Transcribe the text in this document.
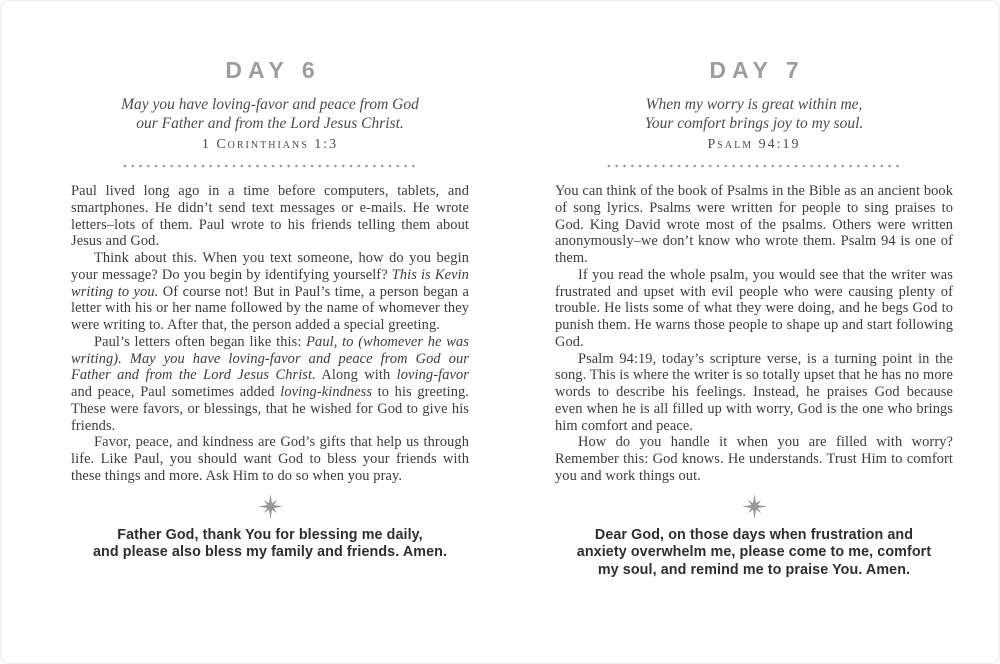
DAY 6
May you have loving-favor and peace from God
our Father and from the Lord Jesus Christ.
1 Corinthians 1:3

Paul lived long ago in a time before computers, tablets, and smartphones. He didn’t send text messages or e-mails. He wrote letters–lots of them. Paul wrote to his friends telling them about Jesus and God.

Think about this. When you text someone, how do you begin your message? Do you begin by identifying yourself? This is Kevin writing to you. Of course not! But in Paul’s time, a person began a letter with his or her name followed by the name of whomever they were writing to. After that, the person added a special greeting.

Paul’s letters often began like this: Paul, to (whomever he was writing). May you have loving-favor and peace from God our Father and from the Lord Jesus Christ. Along with loving-favor and peace, Paul sometimes added loving-kindness to his greeting. These were favors, or blessings, that he wished for God to give his friends.

Favor, peace, and kindness are God’s gifts that help us through life. Like Paul, you should want God to bless your friends with these things and more. Ask Him to do so when you pray.

Father God, thank You for blessing me daily,
and please also bless my family and friends. Amen.
DAY 7
When my worry is great within me,
Your comfort brings joy to my soul.
Psalm 94:19

You can think of the book of Psalms in the Bible as an ancient book of song lyrics. Psalms were written for people to sing praises to God. King David wrote most of the psalms. Others were written anonymously–we don’t know who wrote them. Psalm 94 is one of them.

If you read the whole psalm, you would see that the writer was frustrated and upset with evil people who were causing plenty of trouble. He lists some of what they were doing, and he begs God to punish them. He warns those people to shape up and start following God.

Psalm 94:19, today’s scripture verse, is a turning point in the song. This is where the writer is so totally upset that he has no more words to describe his feelings. Instead, he praises God because even when he is all filled up with worry, God is the one who brings him comfort and peace.

How do you handle it when you are filled with worry? Remember this: God knows. He understands. Trust Him to comfort you and work things out.

Dear God, on those days when frustration and
anxiety overwhelm me, please come to me, comfort
my soul, and remind me to praise You. Amen.
